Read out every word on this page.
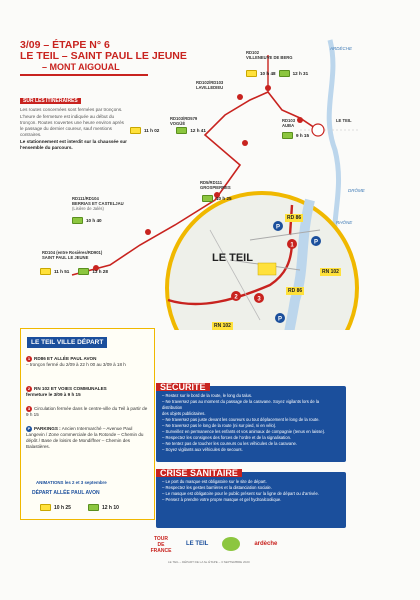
3/09 – ÉTAPE N° 6
LE TEIL – SAINT PAUL LE JEUNE
– MONT AIGOUAL
SUR LES ITINÉRAIRES
Les routes concernées sont fermées par tronçons. L'heure de fermeture est indiquée au début du tronçon. Routes rouvertes une heure environ après le passage du dernier coureur, sauf mentions contraires.
Le stationnement est interdit sur la chaussée sur l'ensemble du parcours.
1
2	3
P
P
P
RD102
VILLENEUVE DE BERG
10 h 48	12 h 31
RD102/RD103
LAVILLEDIEU
RD103/RD579
VOGÜÉ
11 h 02	12 h 41
RD103
AUBA
9 h 15
RD5/RD111
GROSPIERRES
10 h 25
RD111/RD104
BERRIAS ET CASTELJAU
(Lisière de Jalès)
10 h 40
RD104 (entre Rosières/RD901)
SAINT PAUL LE JEUNE
11 h 51	13 h 28
ARDÈCHE
DRÔME
RHÔNE
LE TEIL
LE TEIL
RD 86
RN 102
RD 86
RN 102
LE TEIL VILLE DÉPART
1 RD86 ET ALLÉE PAUL AVON
– tronçon fermé du 2/09 à 22 h 00 au 3/09 à 18 h
2 RN 102 ET VOIES COMMUNALES
fermeture le 3/09 à 9 h 15
3 Circulation fermée dans le centre-ville du Teil à partir de 9 h 15
P PARKINGS : Ancien Intermarché – Avenue Paul Langevin / Zone commerciale de la Rotonde – Chemin du dépôt / Base de loisirs de Mondiffner – Chemin des Balastières.
ANIMATIONS les 2 et 3 septembre
DÉPART ALLÉE PAUL AVON
10 h 25	12 h 10
SÉCURITÉ
– Restez sur le bord de la route, le long du talus.
– Ne traversez pas au moment du passage de la caravane. Soyez vigilants lors de la distribution
des objets publicitaires.
– Ne traversez pas juste devant les coureurs ou tout déplacement le long de la route.
– Ne traversez pas le long de la route (ni sur pied, ni en vélo).
– Surveillez en permanence les enfants et vos animaux de compagnie (tenus en laisse).
– Respectez les consignes des forces de l'ordre et de la signalisation.
– Ne tentez pas de toucher les coureurs ou les véhicules de la caravane.
– Soyez vigilants aux véhicules de secours.
CRISE SANITAIRE
– Le port du masque est obligatoire sur le site de départ.
– Respectez les gestes barrières et la distanciation sociale.
– Le masque est obligatoire pour le public présent sur la ligne de départ ou d'arrivée.
– Pensez à prendre votre propre masque et gel hydroalcoolique.
TOUR DE FRANCE
LE TEIL	ardèche
LE TEIL – DÉPART DE LA 6e ÉTAPE – 3 SEPTEMBRE 2020
